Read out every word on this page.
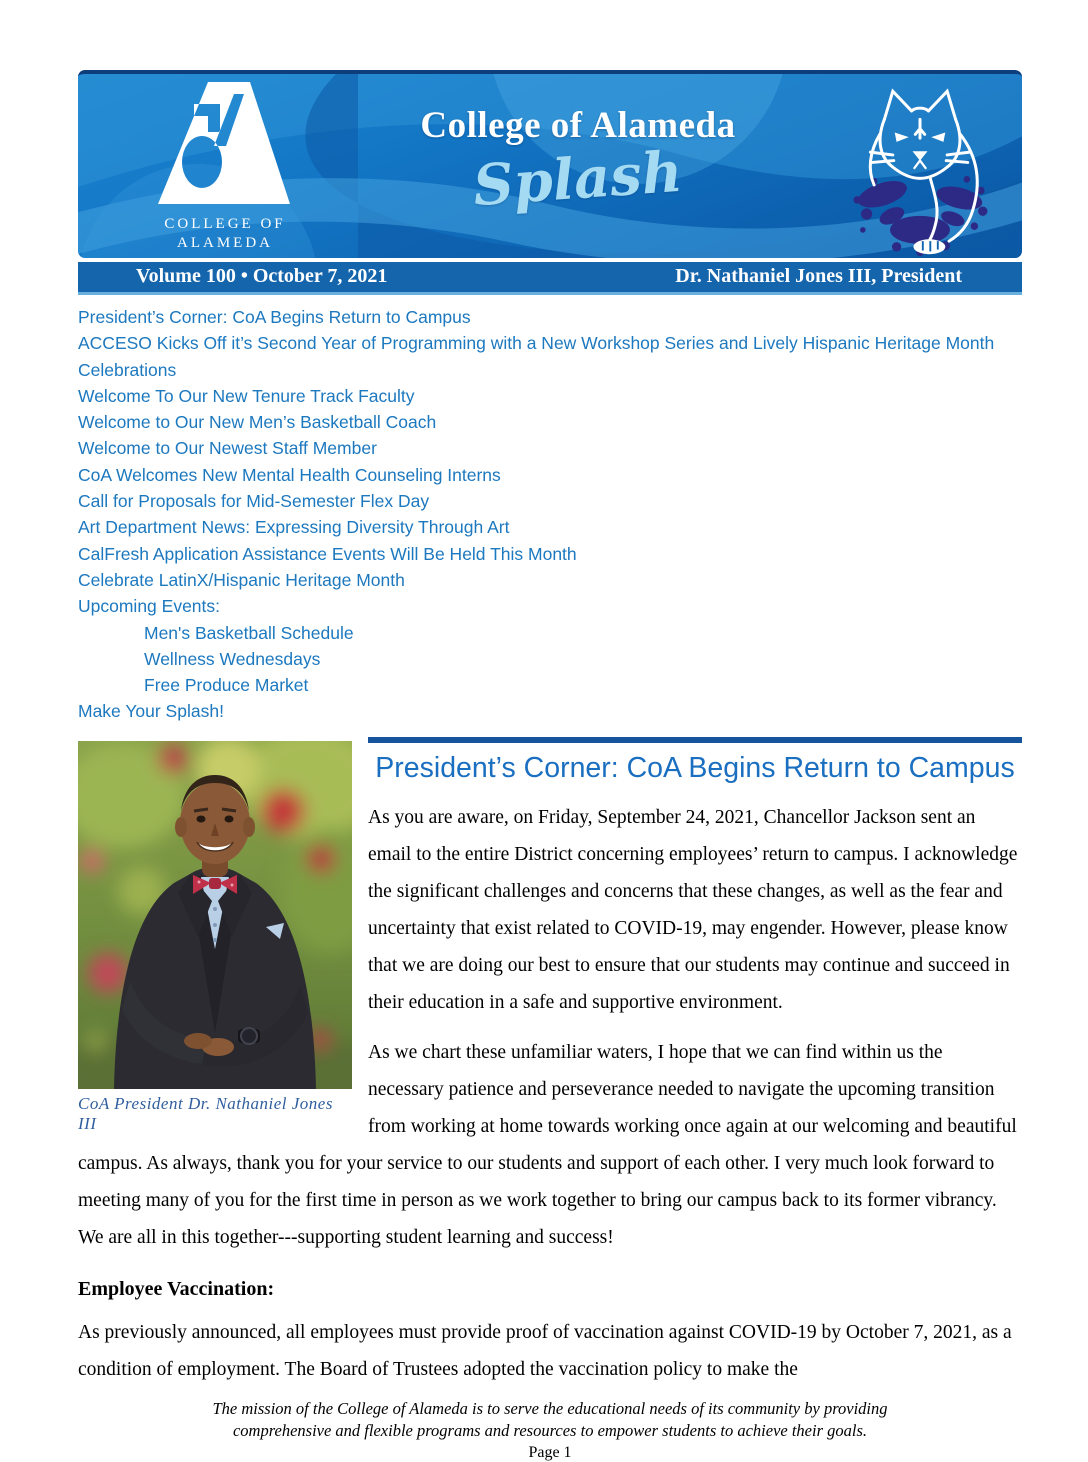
COLLEGE OF
ALAMEDA
College of Alameda
Splash
Volume 100 • October 7, 2021	Dr. Nathaniel Jones III, President
President’s Corner: CoA Begins Return to Campus
ACCESO Kicks Off it’s Second Year of Programming with a New Workshop Series and Lively Hispanic Heritage Month Celebrations
Welcome To Our New Tenure Track Faculty
Welcome to Our New Men’s Basketball Coach
Welcome to Our Newest Staff Member
CoA Welcomes New Mental Health Counseling Interns
Call for Proposals for Mid-Semester Flex Day
Art Department News: Expressing Diversity Through Art
CalFresh Application Assistance Events Will Be Held This Month
Celebrate LatinX/Hispanic Heritage Month
Upcoming Events:
Men's Basketball Schedule
Wellness Wednesdays
Free Produce Market
Make Your Splash!
CoA President Dr. Nathaniel Jones III
President’s Corner: CoA Begins Return to Campus

As you are aware, on Friday, September 24, 2021, Chancellor Jackson sent an email to the entire District concerning employees’ return to campus. I acknowledge the significant challenges and concerns that these changes, as well as the fear and uncertainty that exist related to COVID-19, may engender. However, please know that we are doing our best to ensure that our students may continue and succeed in their education in a safe and supportive environment.

As we chart these unfamiliar waters, I hope that we can find within us the necessary patience and perseverance needed to navigate the upcoming transition from working at home towards working once again at our welcoming and beautiful campus. As always, thank you for your service to our students and support of each other. I very much look forward to meeting many of you for the first time in person as we work together to bring our campus back to its former vibrancy. We are all in this together---supporting student learning and success!

Employee Vaccination:

As previously announced, all employees must provide proof of vaccination against COVID-19 by October 7, 2021, as a condition of employment. The Board of Trustees adopted the vaccination policy to make the

The mission of the College of Alameda is to serve the educational needs of its community by providing comprehensive and flexible programs and resources to empower students to achieve their goals.
Page 1
